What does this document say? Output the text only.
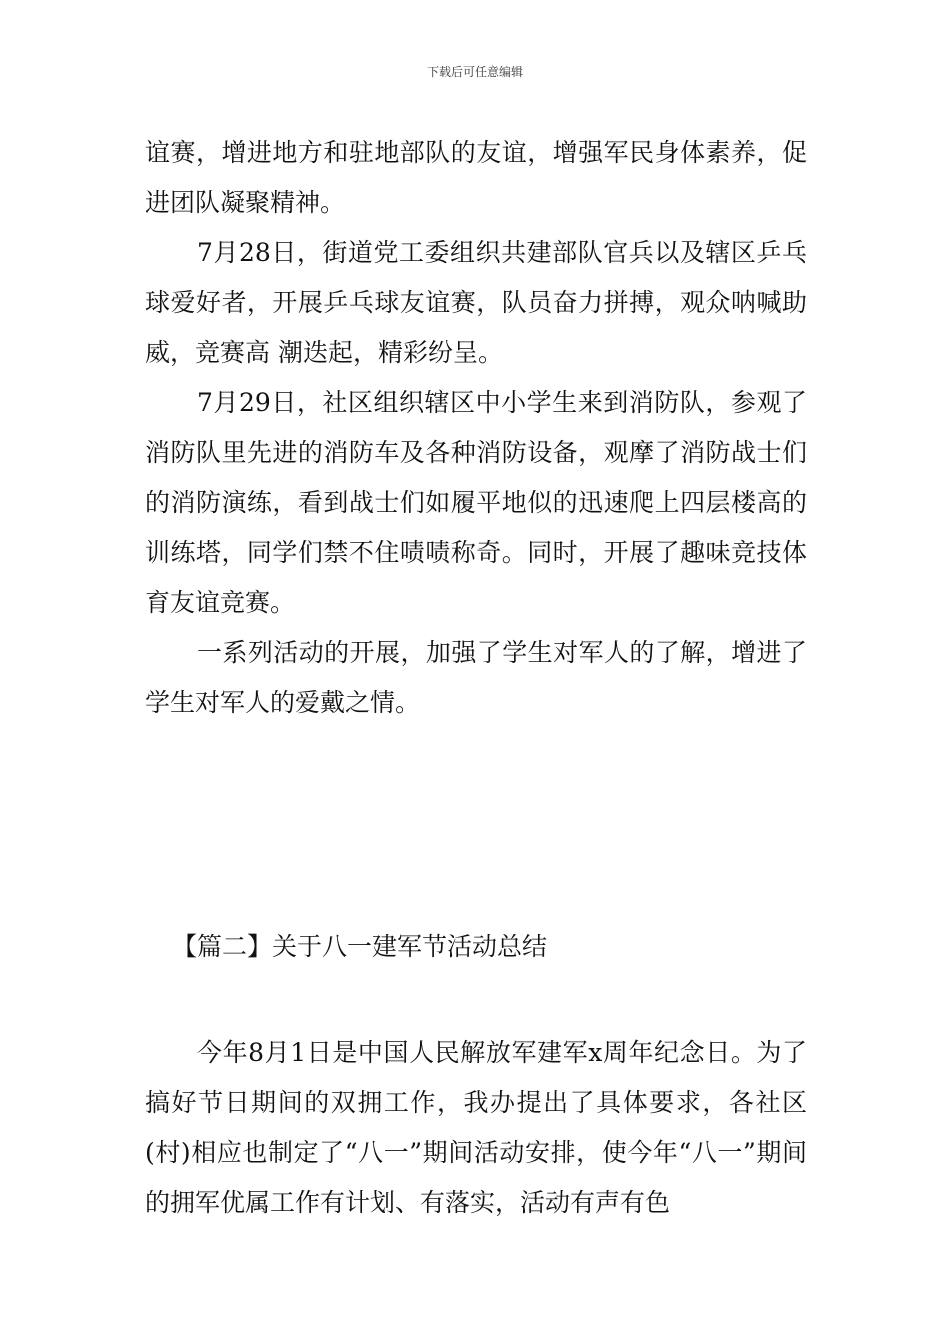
下载后可任意编辑

谊赛，增进地方和驻地部队的友谊，增强军民身体素养，促进团队凝聚精神。

7月28日，街道党工委组织共建部队官兵以及辖区乒乓球爱好者，开展乒乓球友谊赛，队员奋力拼搏，观众呐喊助威，竞赛高 潮迭起，精彩纷呈。

7月29日，社区组织辖区中小学生来到消防队，参观了消防队里先进的消防车及各种消防设备，观摩了消防战士们的消防演练，看到战士们如履平地似的迅速爬上四层楼高的训练塔，同学们禁不住啧啧称奇。同时，开展了趣味竞技体育友谊竞赛。

一系列活动的开展，加强了学生对军人的了解，增进了学生对军人的爱戴之情。

【篇二】关于八一建军节活动总结

今年8月1日是中国人民解放军建军x周年纪念日。为了搞好节日期间的双拥工作，我办提出了具体要求，各社区(村)相应也制定了“八一”期间活动安排，使今年“八一”期间的拥军优属工作有计划、有落实，活动有声有色
